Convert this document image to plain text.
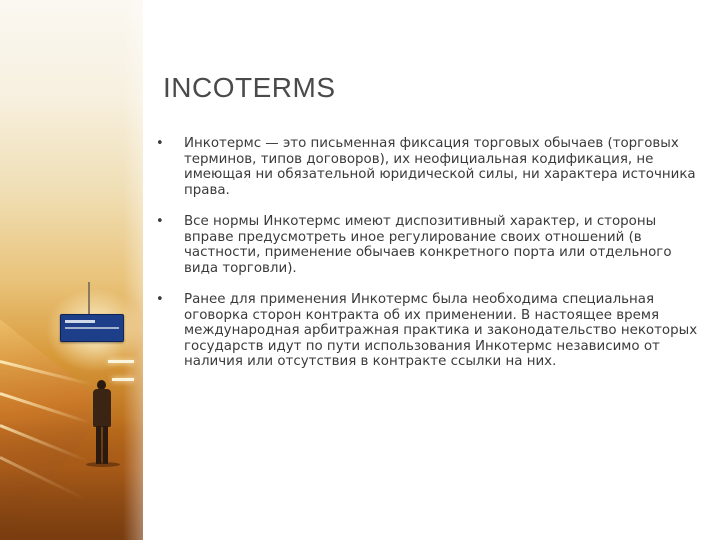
INCOTERMS
• Инкотермс — это письменная фиксация торговых обычаев (торговых терминов, типов договоров), их неофициальная кодификация, не имеющая ни обязательной юридической силы, ни характера источника права.
• Все нормы Инкотермс имеют диспозитивный характер, и стороны вправе предусмотреть иное регулирование своих отношений (в частности, применение обычаев конкретного порта или отдельного вида торговли).
• Ранее для применения Инкотермс была необходима специальная оговорка сторон контракта об их применении. В настоящее время международная арбитражная практика и законодательство некоторых государств идут по пути использования Инкотермс независимо от наличия или отсутствия в контракте ссылки на них.
